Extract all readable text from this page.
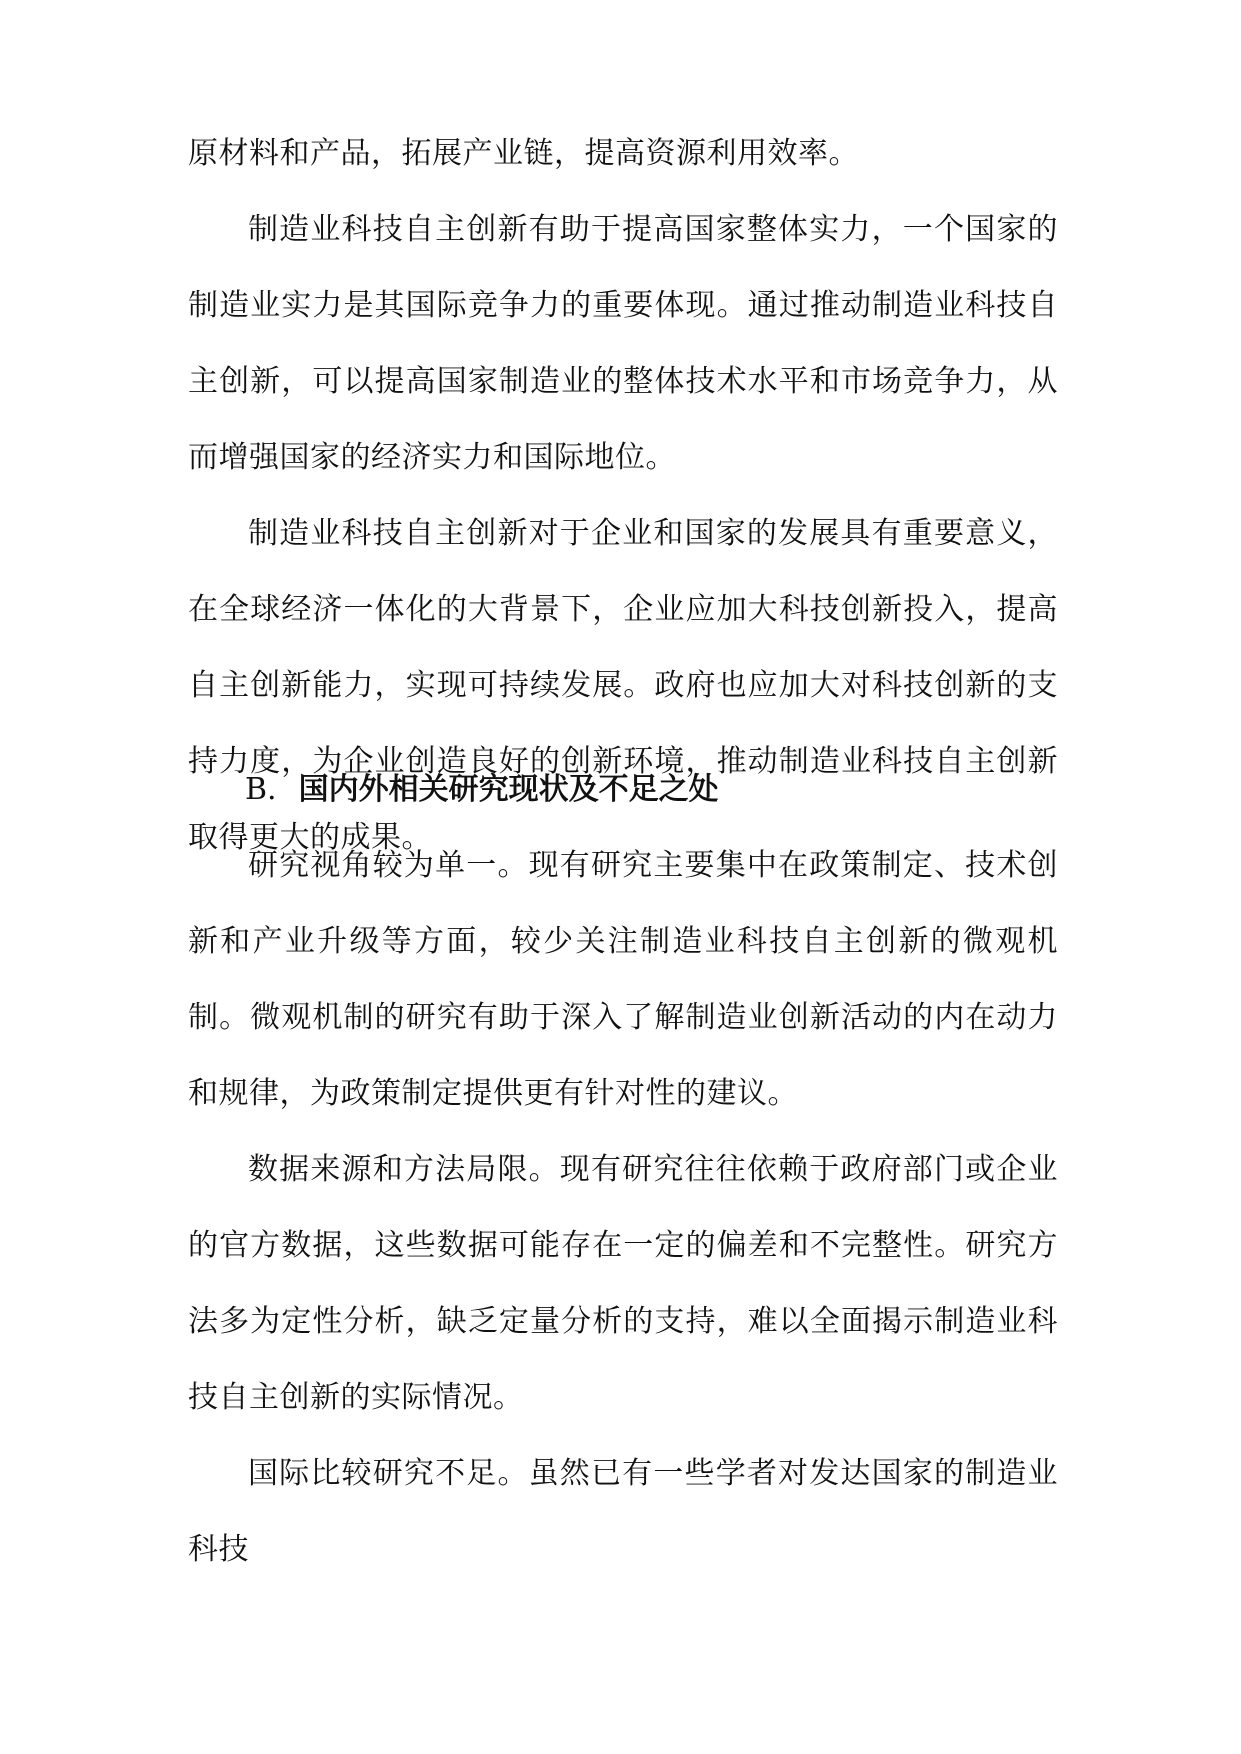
原材料和产品，拓展产业链，提高资源利用效率。

制造业科技自主创新有助于提高国家整体实力，一个国家的制造业实力是其国际竞争力的重要体现。通过推动制造业科技自主创新，可以提高国家制造业的整体技术水平和市场竞争力，从而增强国家的经济实力和国际地位。

制造业科技自主创新对于企业和国家的发展具有重要意义，在全球经济一体化的大背景下，企业应加大科技创新投入，提高自主创新能力，实现可持续发展。政府也应加大对科技创新的支持力度，为企业创造良好的创新环境，推动制造业科技自主创新取得更大的成果。

B. 国内外相关研究现状及不足之处

研究视角较为单一。现有研究主要集中在政策制定、技术创新和产业升级等方面，较少关注制造业科技自主创新的微观机制。微观机制的研究有助于深入了解制造业创新活动的内在动力和规律，为政策制定提供更有针对性的建议。

数据来源和方法局限。现有研究往往依赖于政府部门或企业的官方数据，这些数据可能存在一定的偏差和不完整性。研究方法多为定性分析，缺乏定量分析的支持，难以全面揭示制造业科技自主创新的实际情况。

国际比较研究不足。虽然已有一些学者对发达国家的制造业科技
